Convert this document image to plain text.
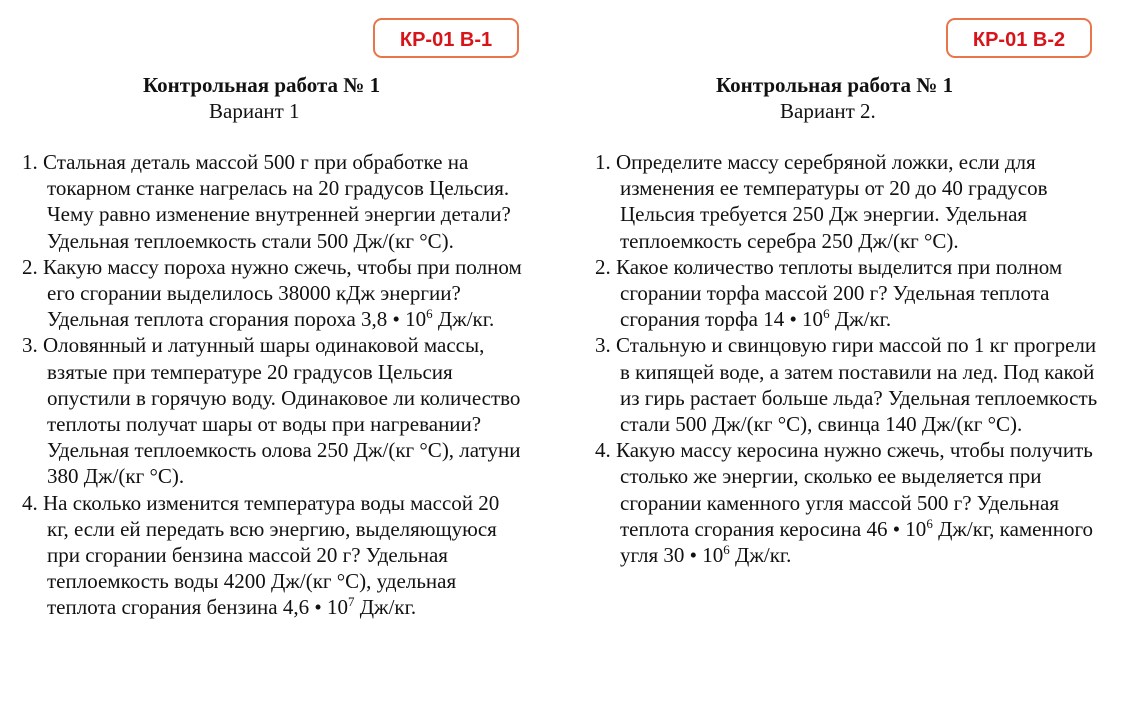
КР-01 В-1	КР-01 В-2
Контрольная работа № 1
Вариант 1
1. Стальная деталь массой 500 г при обработке на токарном станке нагрелась на 20 градусов Цельсия. Чему равно изменение внутренней энергии детали? Удельная теплоемкость стали 500 Дж/(кг °С).
2. Какую массу пороха нужно сжечь, чтобы при полном его сгорании выделилось 38000 кДж энергии? Удельная теплота сгорания пороха 3,8 • $10^6$ Дж/кг.
3. Оловянный и латунный шары одинаковой массы, взятые при температуре 20 градусов Цельсия опустили в горячую воду. Одинаковое ли количество теплоты получат шары от воды при нагревании? Удельная теплоемкость олова 250 Дж/(кг °С), латуни 380 Дж/(кг °С).
4. На сколько изменится температура воды массой 20 кг, если ей передать всю энергию, выделяющуюся при сгорании бензина массой 20 г? Удельная теплоемкость воды 4200 Дж/(кг °С), удельная теплота сгорания бензина 4,6 • $10^7$ Дж/кг.
Контрольная работа № 1
Вариант 2.
1. Определите массу серебряной ложки, если для изменения ее температуры от 20 до 40 градусов Цельсия требуется 250 Дж энергии. Удельная теплоемкость серебра 250 Дж/(кг °С).
2. Какое количество теплоты выделится при полном сгорании торфа массой 200 г? Удельная теплота сгорания торфа 14 • $10^6$ Дж/кг.
3. Стальную и свинцовую гири массой по 1 кг прогрели в кипящей воде, а затем поставили на лед. Под какой из гирь растает больше льда? Удельная теплоемкость стали 500 Дж/(кг °С), свинца 140 Дж/(кг °С).
4. Какую массу керосина нужно сжечь, чтобы получить столько же энергии, сколько ее выделяется при сгорании каменного угля массой 500 г? Удельная теплота сгорания керосина 46 • $10^6$ Дж/кг, каменного угля 30 • $10^6$ Дж/кг.
